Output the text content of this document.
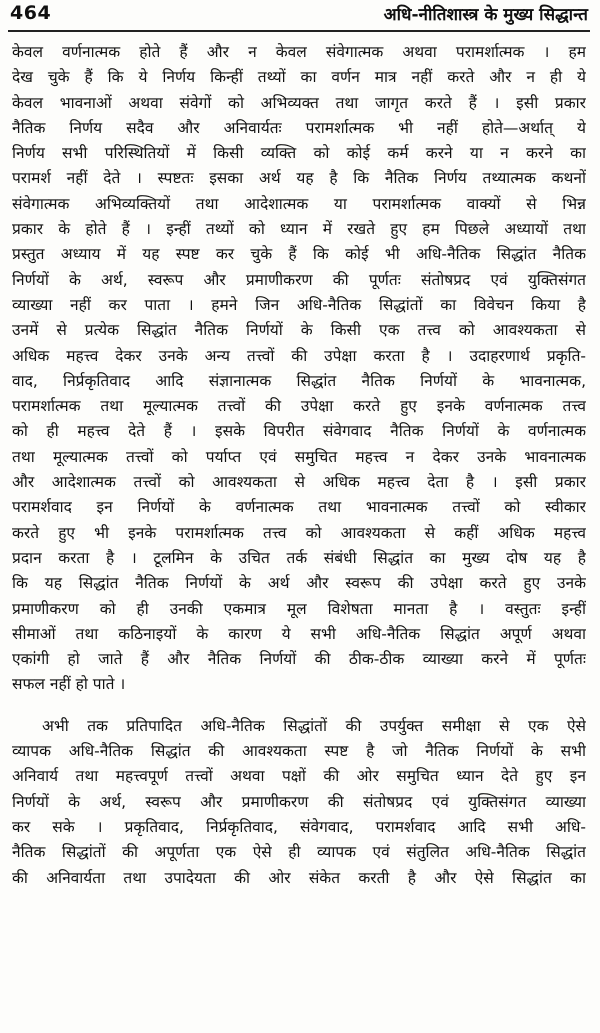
464	अधि-नीतिशास्त्र के मुख्य सिद्धान्त
केवल वर्णनात्मक होते हैं और न केवल संवेगात्मक अथवा परामर्शात्मक । हम
देख चुके हैं कि ये निर्णय किन्हीं तथ्यों का वर्णन मात्र नहीं करते और न ही ये
केवल भावनाओं अथवा संवेगों को अभिव्यक्त तथा जागृत करते हैं । इसी प्रकार
नैतिक निर्णय सदैव और अनिवार्यतः परामर्शात्मक भी नहीं होते—अर्थात् ये
निर्णय सभी परिस्थितियों में किसी व्यक्ति को कोई कर्म करने या न करने का
परामर्श नहीं देते । स्पष्टतः इसका अर्थ यह है कि नैतिक निर्णय तथ्यात्मक कथनों
संवेगात्मक अभिव्यक्तियों तथा आदेशात्मक या परामर्शात्मक वाक्यों से भिन्न
प्रकार के होते हैं । इन्हीं तथ्यों को ध्यान में रखते हुए हम पिछले अध्यायों तथा
प्रस्तुत अध्याय में यह स्पष्ट कर चुके हैं कि कोई भी अधि-नैतिक सिद्धांत नैतिक
निर्णयों के अर्थ, स्वरूप और प्रमाणीकरण की पूर्णतः संतोषप्रद एवं युक्तिसंगत
व्याख्या नहीं कर पाता । हमने जिन अधि-नैतिक सिद्धांतों का विवेचन किया है
उनमें से प्रत्येक सिद्धांत नैतिक निर्णयों के किसी एक तत्त्व को आवश्यकता से
अधिक महत्त्व देकर उनके अन्य तत्त्वों की उपेक्षा करता है । उदाहरणार्थ प्रकृति-
वाद, निर्प्रकृतिवाद आदि संज्ञानात्मक सिद्धांत नैतिक निर्णयों के भावनात्मक,
परामर्शात्मक तथा मूल्यात्मक तत्त्वों की उपेक्षा करते हुए इनके वर्णनात्मक तत्त्व
को ही महत्त्व देते हैं । इसके विपरीत संवेगवाद नैतिक निर्णयों के वर्णनात्मक
तथा मूल्यात्मक तत्त्वों को पर्याप्त एवं समुचित महत्त्व न देकर उनके भावनात्मक
और आदेशात्मक तत्त्वों को आवश्यकता से अधिक महत्त्व देता है । इसी प्रकार
परामर्शवाद इन निर्णयों के वर्णनात्मक तथा भावनात्मक तत्त्वों को स्वीकार
करते हुए भी इनके परामर्शात्मक तत्त्व को आवश्यकता से कहीं अधिक महत्त्व
प्रदान करता है । टूलमिन के उचित तर्क संबंधी सिद्धांत का मुख्य दोष यह है
कि यह सिद्धांत नैतिक निर्णयों के अर्थ और स्वरूप की उपेक्षा करते हुए उनके
प्रमाणीकरण को ही उनकी एकमात्र मूल विशेषता मानता है । वस्तुतः इन्हीं
सीमाओं तथा कठिनाइयों के कारण ये सभी अधि-नैतिक सिद्धांत अपूर्ण अथवा
एकांगी हो जाते हैं और नैतिक निर्णयों की ठीक-ठीक व्याख्या करने में पूर्णतः
सफल नहीं हो पाते ।
अभी तक प्रतिपादित अधि-नैतिक सिद्धांतों की उपर्युक्त समीक्षा से एक ऐसे
व्यापक अधि-नैतिक सिद्धांत की आवश्यकता स्पष्ट है जो नैतिक निर्णयों के सभी
अनिवार्य तथा महत्त्वपूर्ण तत्त्वों अथवा पक्षों की ओर समुचित ध्यान देते हुए इन
निर्णयों के अर्थ, स्वरूप और प्रमाणीकरण की संतोषप्रद एवं युक्तिसंगत व्याख्या
कर सके । प्रकृतिवाद, निर्प्रकृतिवाद, संवेगवाद, परामर्शवाद आदि सभी अधि-
नैतिक सिद्धांतों की अपूर्णता एक ऐसे ही व्यापक एवं संतुलित अधि-नैतिक सिद्धांत
की अनिवार्यता तथा उपादेयता की ओर संकेत करती है और ऐसे सिद्धांत का
